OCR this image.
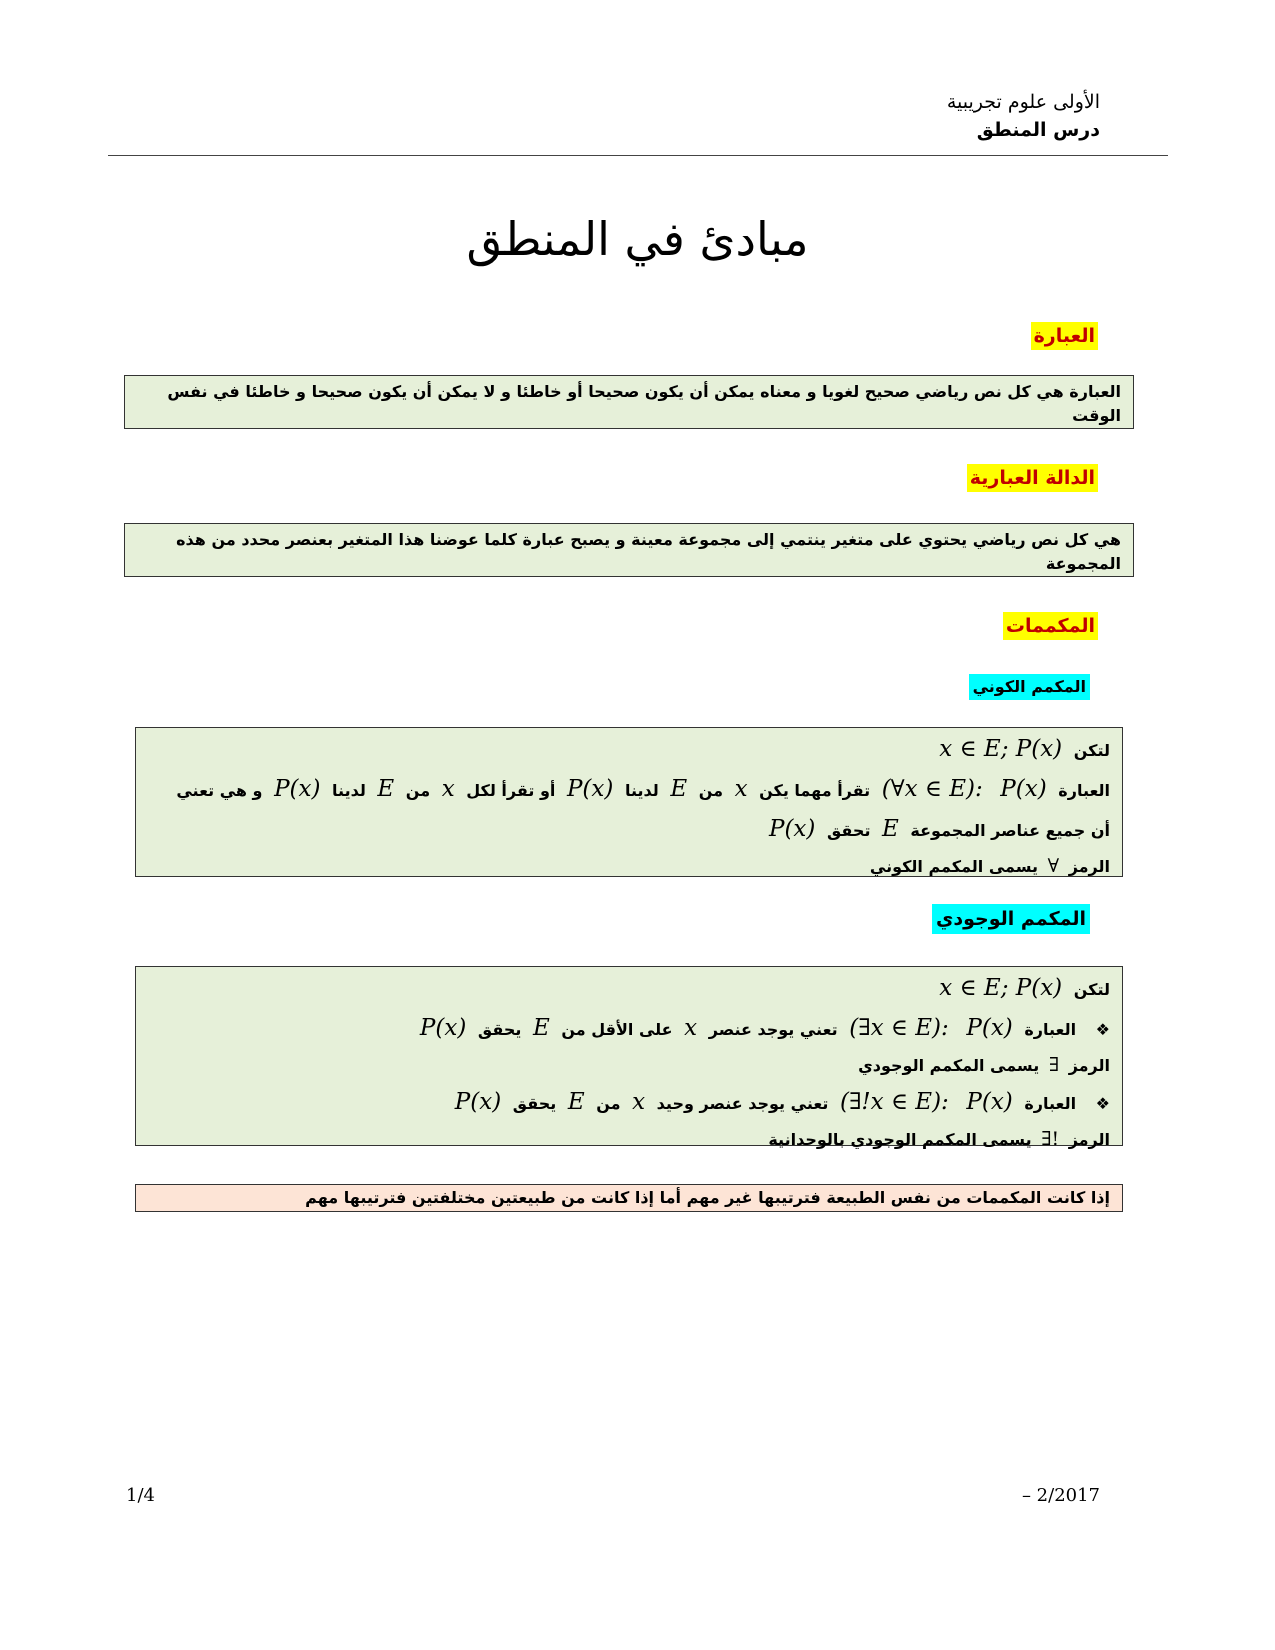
الأولى علوم تجريبية
درس المنطق
مبادئ في المنطق
العبارة
العبارة هي كل نص رياضي صحيح لغويا و معناه يمكن أن يكون صحيحا أو خاطئا و لا يمكن أن يكون صحيحا و خاطئا في نفس الوقت
الدالة العبارية
هي كل نص رياضي يحتوي على متغير ينتمي إلى مجموعة معينة و يصبح عبارة كلما عوضنا هذا المتغير بعنصر محدد من هذه المجموعة
المكممات
المكمم الكوني
لتكن x ∈ E; P(x)
العبارة P(x) (∀x ∈ E): تقرأ مهما يكن x من E لدينا P(x) أو تقرأ لكل x من E لدينا P(x) و هي تعني
أن جميع عناصر المجموعة E تحقق P(x)
الرمز ∀ يسمى المكمم الكوني
المكمم الوجودي
لتكن x ∈ E; P(x)
❖ العبارة P(x) (∃x ∈ E): تعني يوجد عنصر x على الأقل من E يحقق P(x)
الرمز ∃ يسمى المكمم الوجودي
❖ العبارة P(x) (∃!x ∈ E): تعني يوجد عنصر وحيد x من E يحقق P(x)
الرمز ∃! يسمى المكمم الوجودي بالوحدانية
إذا كانت المكممات من نفس الطبيعة فترتيبها غير مهم أما إذا كانت من طبيعتين مختلفتين فترتيبها مهم
1/4	– 2/2017
